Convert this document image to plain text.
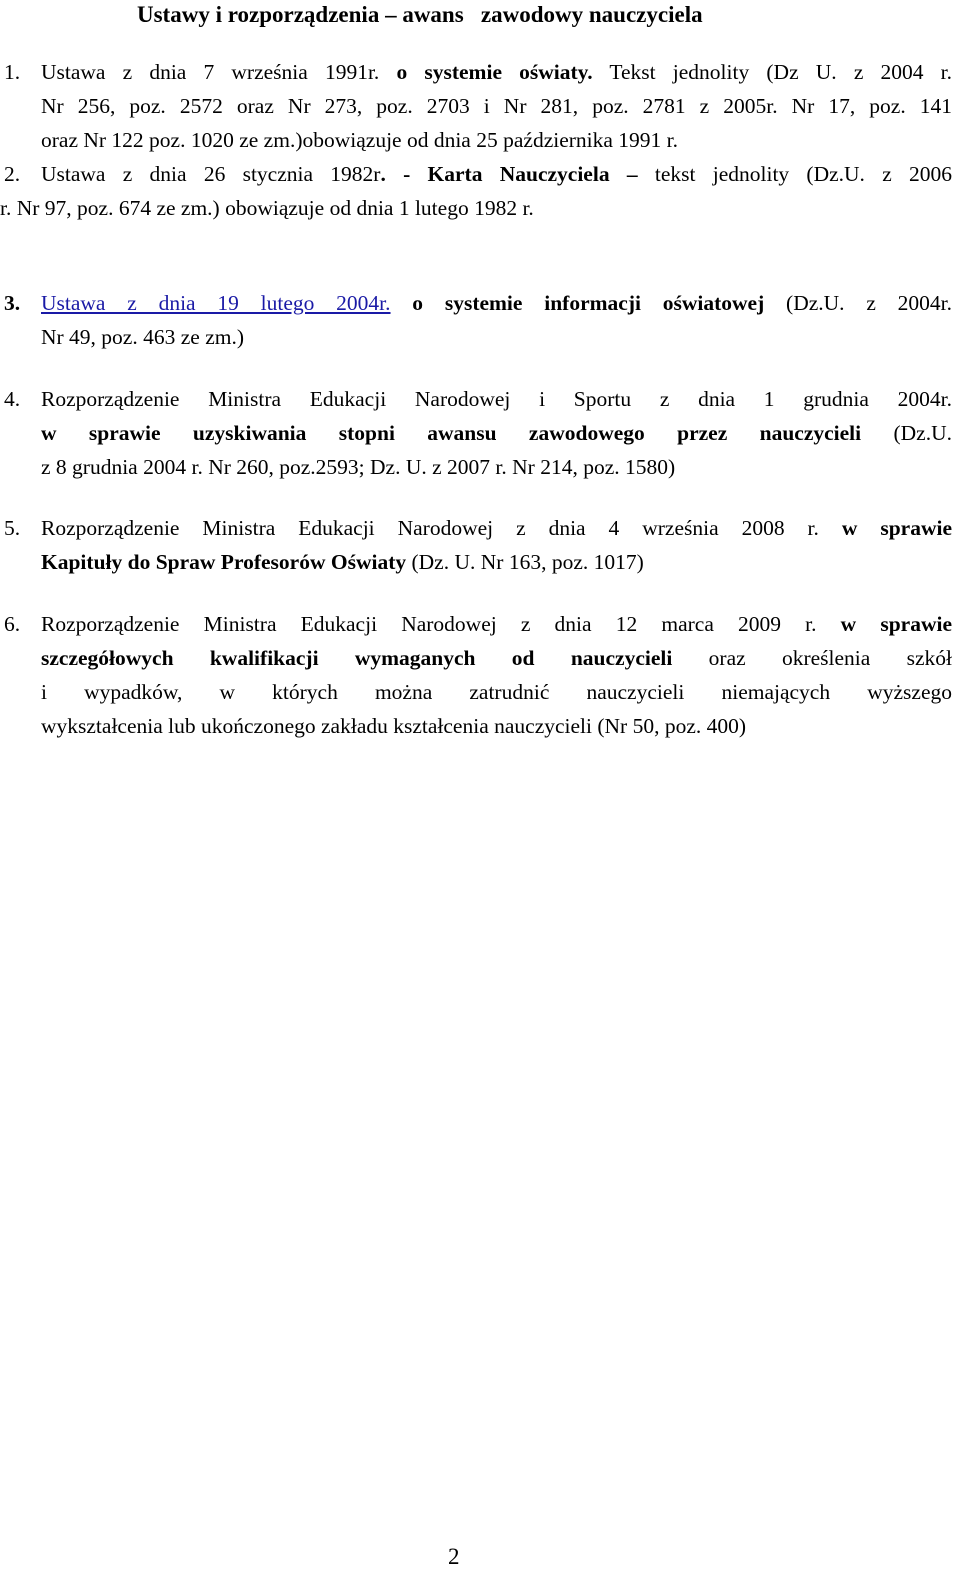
Ustawy i rozporządzenia – awans   zawodowy nauczyciela
1. Ustawa z dnia 7 września 1991r. o systemie oświaty. Tekst jednolity (Dz U. z 2004 r.
Nr 256, poz. 2572 oraz Nr 273, poz. 2703 i Nr 281, poz. 2781 z 2005r. Nr 17, poz. 141
oraz Nr 122 poz. 1020 ze zm.)obowiązuje od dnia 25 października 1991 r.
2. Ustawa z dnia 26 stycznia 1982r. - Karta Nauczyciela – tekst jednolity (Dz.U. z 2006
r. Nr 97, poz. 674 ze zm.) obowiązuje od dnia 1 lutego 1982 r.
3. Ustawa z dnia 19 lutego 2004r. o systemie informacji oświatowej (Dz.U. z 2004r.
Nr 49, poz. 463 ze zm.)
4. Rozporządzenie Ministra Edukacji Narodowej i Sportu z dnia 1 grudnia 2004r.
w sprawie uzyskiwania stopni awansu zawodowego przez nauczycieli (Dz.U.
z 8 grudnia 2004 r. Nr 260, poz.2593; Dz. U. z 2007 r. Nr 214, poz. 1580)
5. Rozporządzenie Ministra Edukacji Narodowej z dnia 4 września 2008 r. w sprawie
Kapituły do Spraw Profesorów Oświaty (Dz. U. Nr 163, poz. 1017)
6. Rozporządzenie Ministra Edukacji Narodowej z dnia 12 marca 2009 r. w sprawie
szczegółowych kwalifikacji wymaganych od nauczycieli oraz określenia szkół
i wypadków, w których można zatrudnić nauczycieli niemających wyższego
wykształcenia lub ukończonego zakładu kształcenia nauczycieli (Nr 50, poz. 400)
2
